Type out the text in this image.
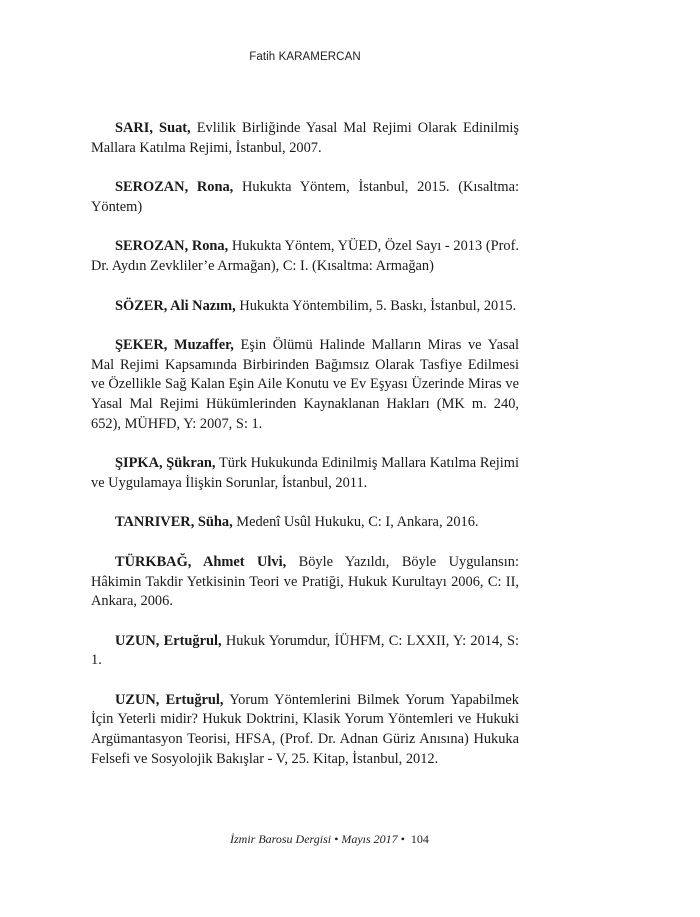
Fatih KARAMERCAN

SARI, Suat, Evlilik Birliğinde Yasal Mal Rejimi Olarak Edinilmiş Mallara Katılma Rejimi, İstanbul, 2007.

SEROZAN, Rona, Hukukta Yöntem, İstanbul, 2015. (Kısaltma: Yöntem)

SEROZAN, Rona, Hukukta Yöntem, YÜED, Özel Sayı - 2013 (Prof. Dr. Aydın Zevkliler’e Armağan), C: I. (Kısaltma: Armağan)

SÖZER, Ali Nazım, Hukukta Yöntembilim, 5. Baskı, İstanbul, 2015.

ŞEKER, Muzaffer, Eşin Ölümü Halinde Malların Miras ve Yasal Mal Rejimi Kapsamında Birbirinden Bağımsız Olarak Tasfiye Edilmesi ve Özellikle Sağ Kalan Eşin Aile Konutu ve Ev Eşyası Üzerinde Miras ve Yasal Mal Rejimi Hükümlerinden Kaynaklanan Hakları (MK m. 240, 652), MÜHFD, Y: 2007, S: 1.

ŞIPKA, Şükran, Türk Hukukunda Edinilmiş Mallara Katılma Rejimi ve Uygulamaya İlişkin Sorunlar, İstanbul, 2011.

TANRIVER, Süha, Medenî Usûl Hukuku, C: I, Ankara, 2016.

TÜRKBAĞ, Ahmet Ulvi, Böyle Yazıldı, Böyle Uygulansın: Hâkimin Takdir Yetkisinin Teori ve Pratiği, Hukuk Kurultayı 2006, C: II, Ankara, 2006.

UZUN, Ertuğrul, Hukuk Yorumdur, İÜHFM, C: LXXII, Y: 2014, S: 1.

UZUN, Ertuğrul, Yorum Yöntemlerini Bilmek Yorum Yapabilmek İçin Yeterli midir? Hukuk Doktrini, Klasik Yorum Yöntemleri ve Hukuki Argümantasyon Teorisi, HFSA, (Prof. Dr. Adnan Güriz Anısına) Hukuka Felsefi ve Sosyolojik Bakışlar - V, 25. Kitap, İstanbul, 2012.

İzmir Barosu Dergisi • Mayıs 2017 • 104
